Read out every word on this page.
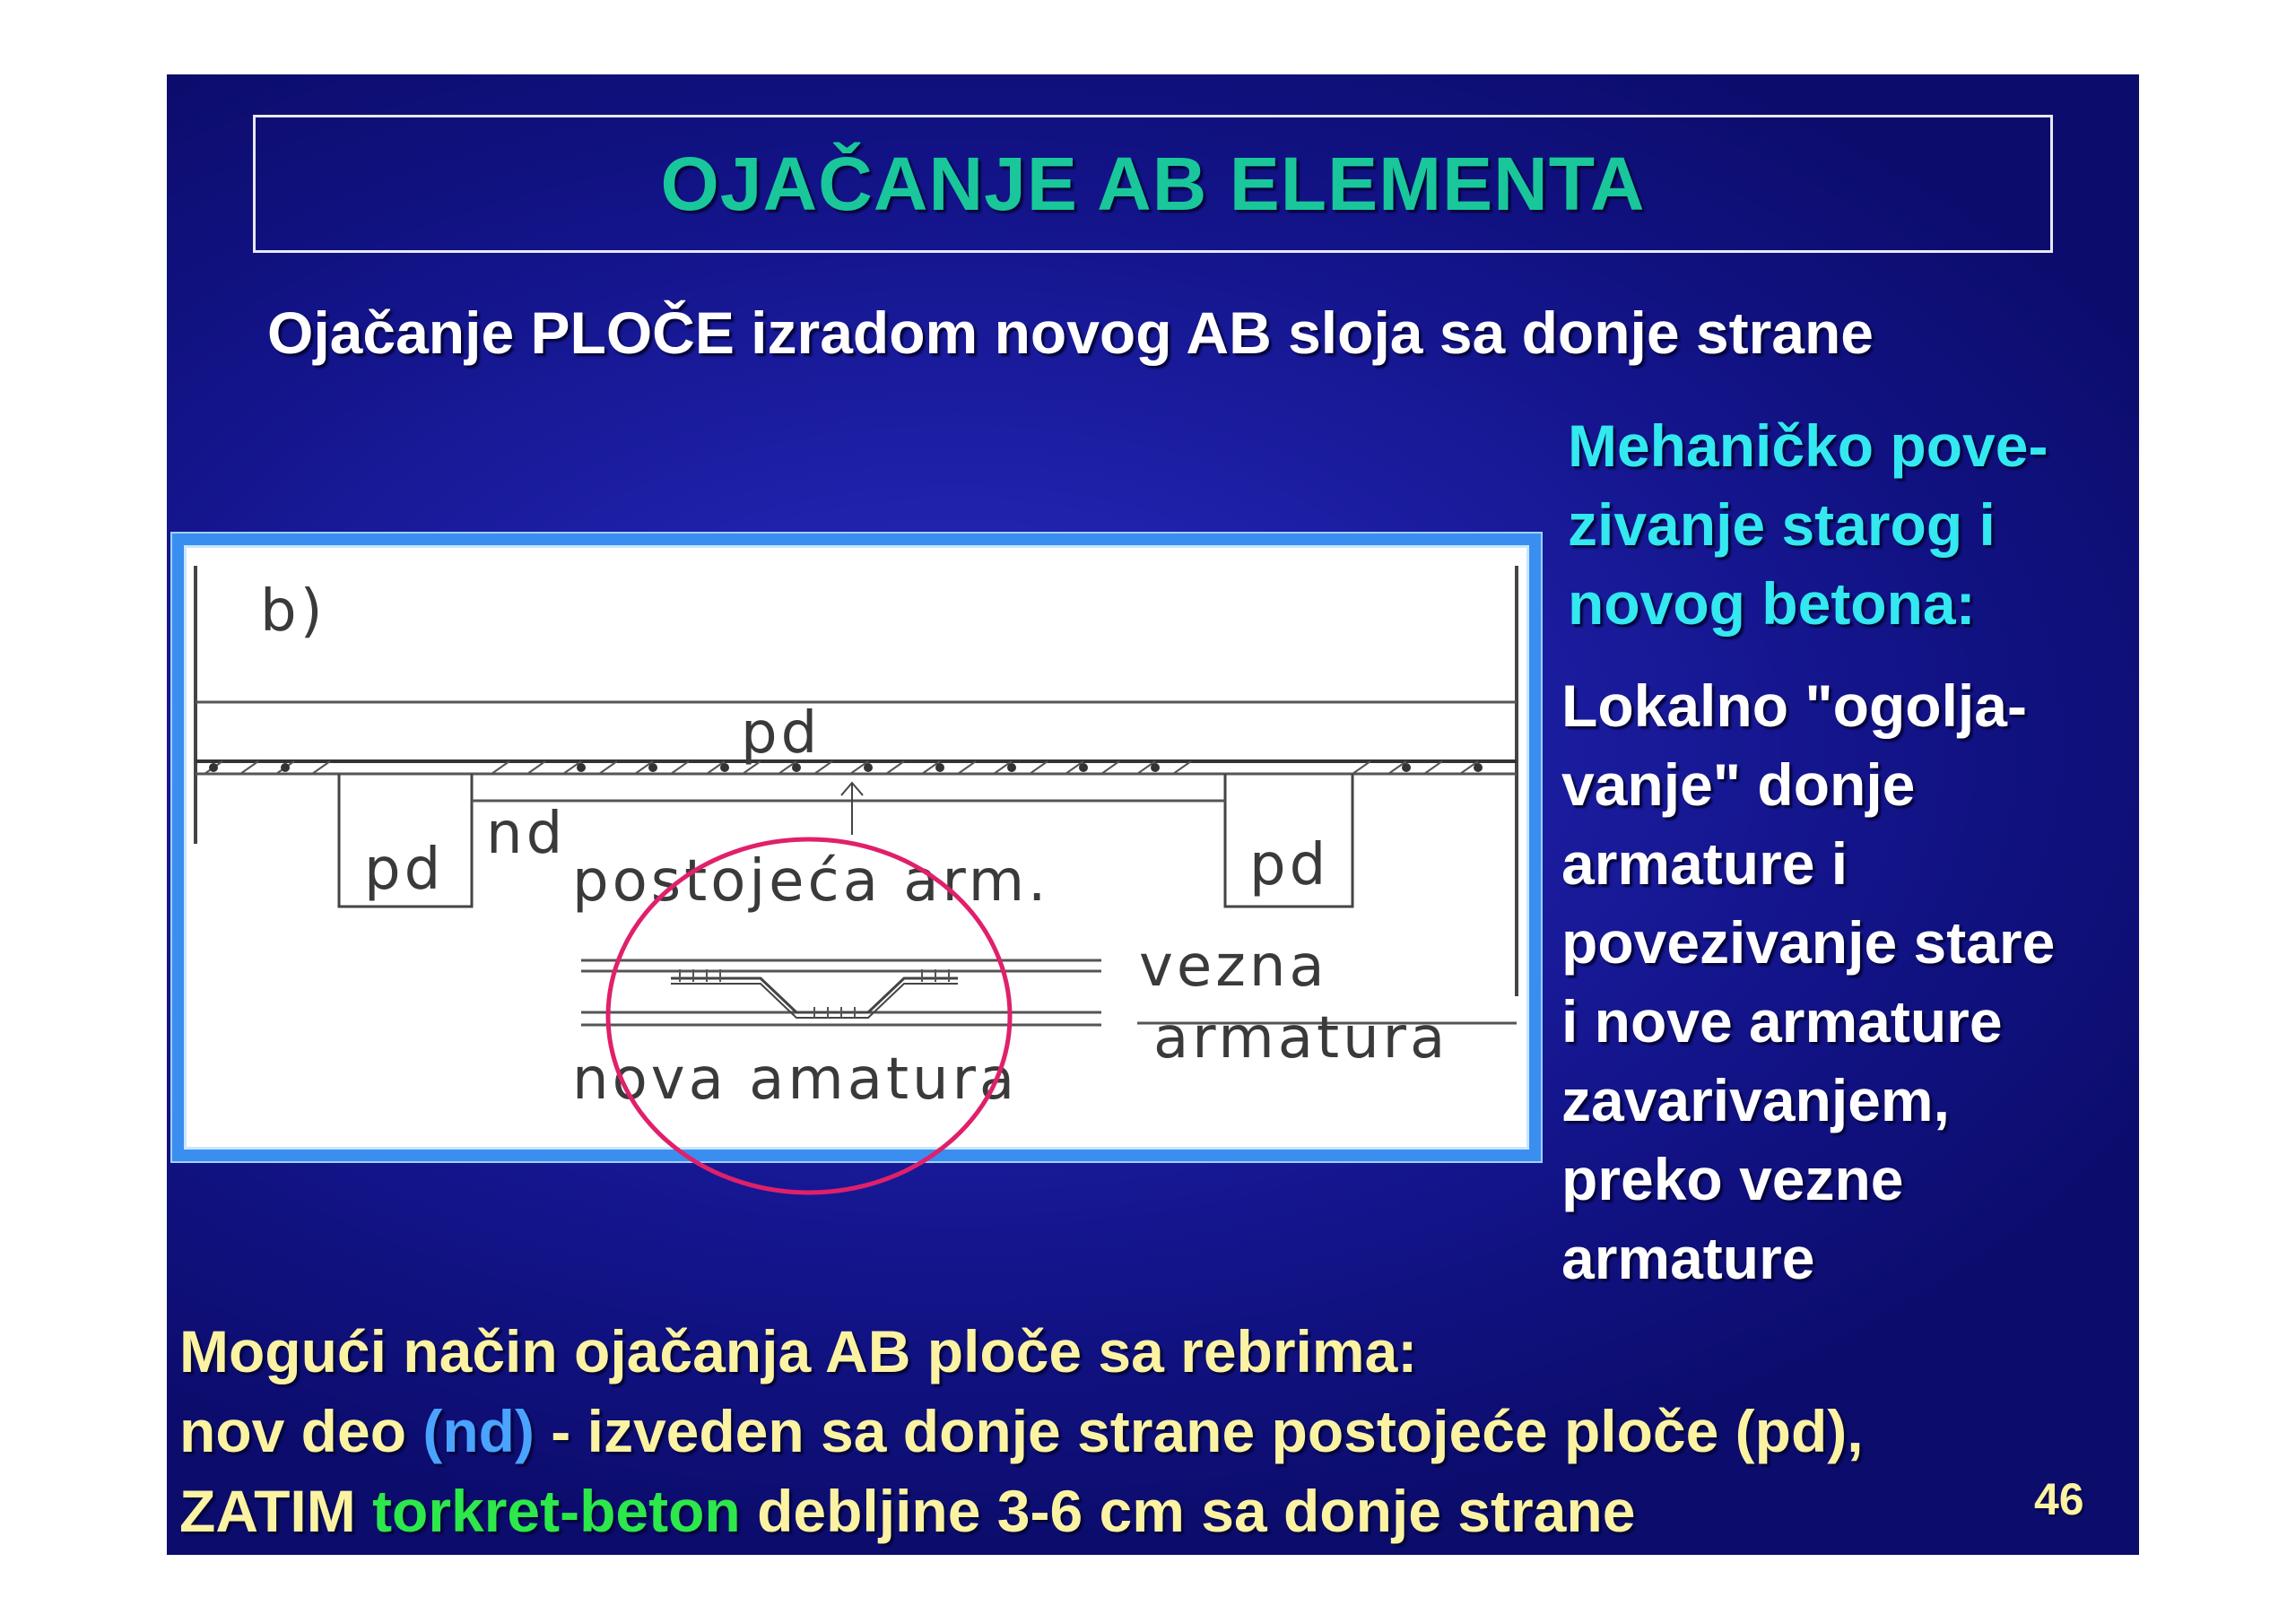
OJAČANJE AB ELEMENTA
Ojačanje PLOČE izradom novog AB sloja sa donje strane
b)
pd
pd	pd
nd
postojeća arm.
vezna
armatura
nova amatura
Mehaničko pove-
zivanje starog i
novog betona:
Lokalno "ogolja-
vanje" donje
armature i
povezivanje stare
i nove armature
zavarivanjem,
preko vezne
armature
Mogući način ojačanja AB ploče sa rebrima:
nov deo (nd) - izveden sa donje strane postojeće ploče (pd),
ZATIM torkret-beton debljine 3-6 cm sa donje strane	46
